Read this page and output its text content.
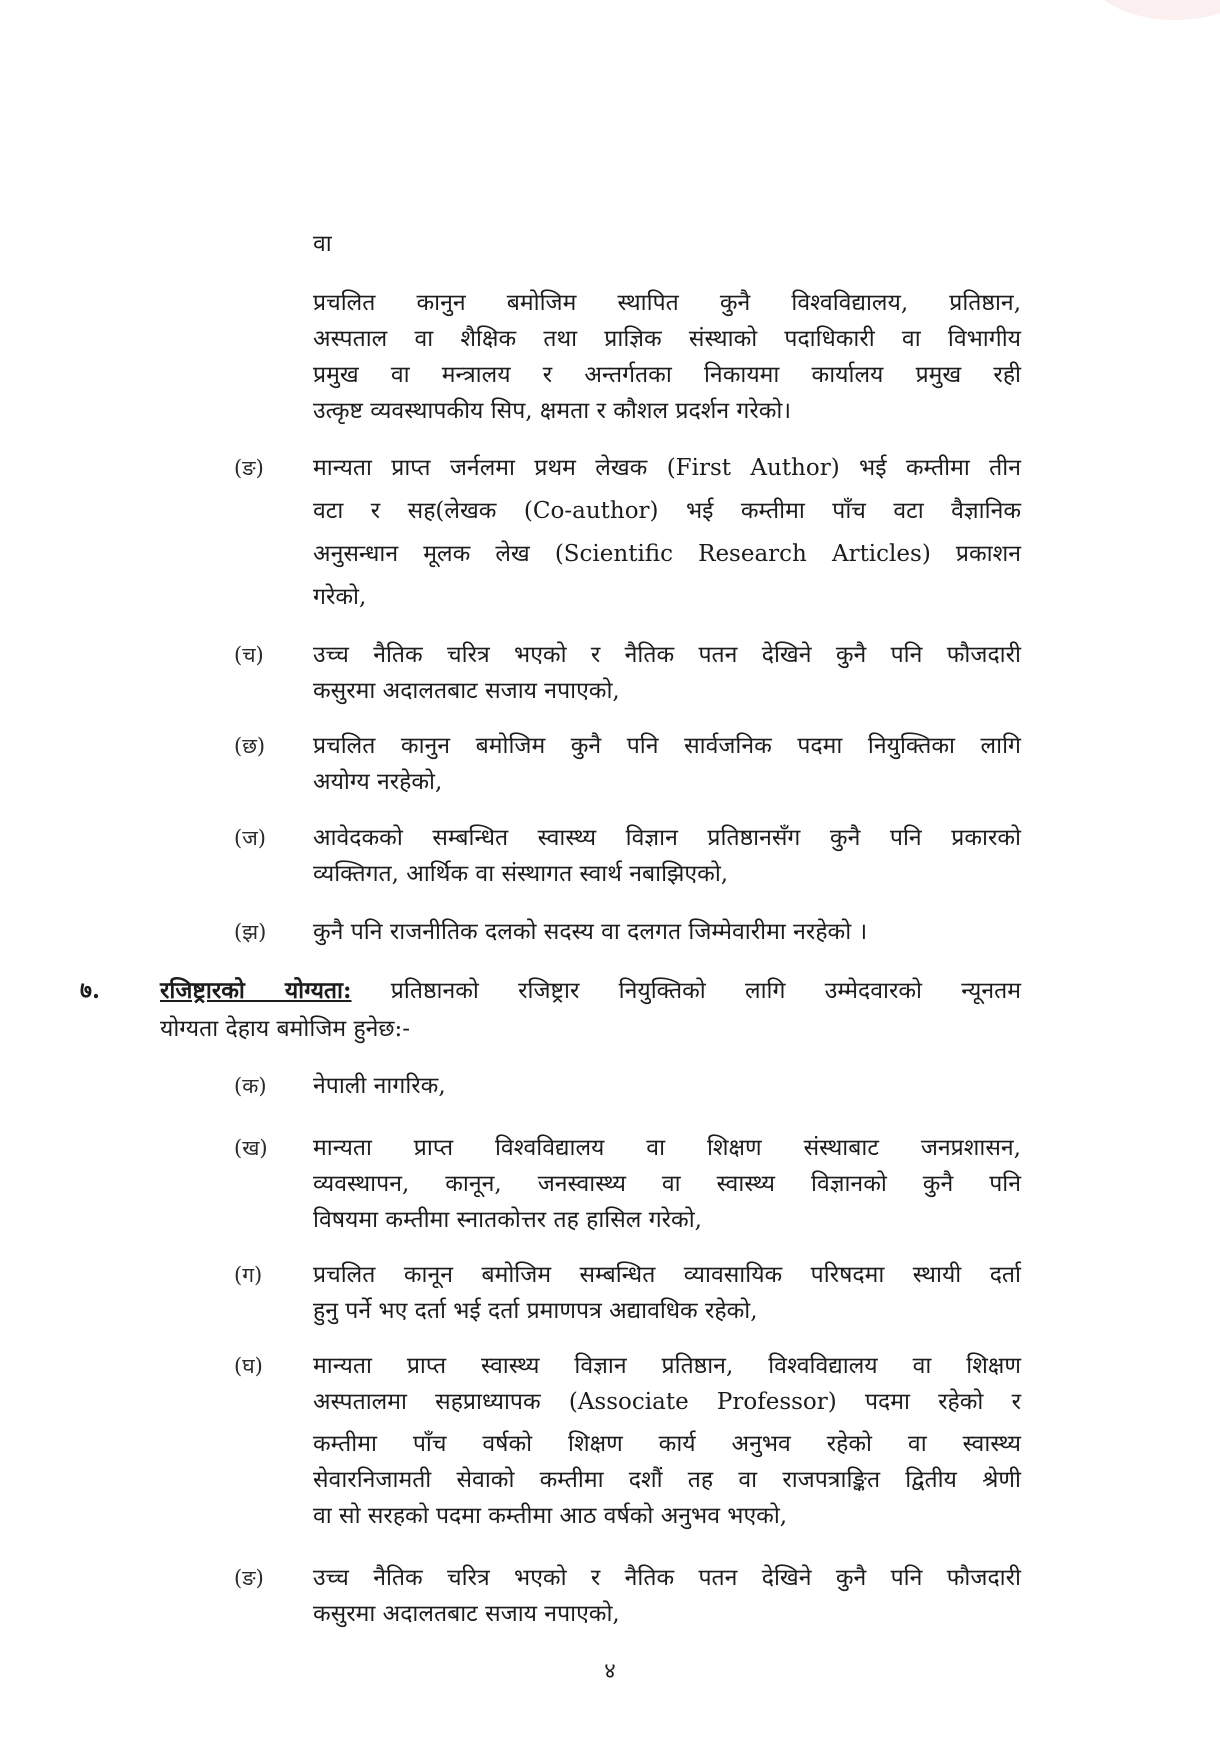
वा
प्रचलित कानुन बमोजिम स्थापित कुनै विश्वविद्यालय, प्रतिष्ठान,
अस्पताल वा शैक्षिक तथा प्राज्ञिक संस्थाको पदाधिकारी वा विभागीय
प्रमुख वा मन्त्रालय र अन्तर्गतका निकायमा कार्यालय प्रमुख रही
उत्कृष्ट व्यवस्थापकीय सिप, क्षमता र कौशल प्रदर्शन गरेको।
(ङ)	मान्यता प्राप्त जर्नलमा प्रथम लेखक (First Author) भई कम्तीमा तीन
वटा र सह(लेखक (Co-author) भई कम्तीमा पाँच वटा वैज्ञानिक
अनुसन्धान मूलक लेख (Scientific Research Articles) प्रकाशन
गरेको,
(च)	उच्च नैतिक चरित्र भएको र नैतिक पतन देखिने कुनै पनि फौजदारी
कसुरमा अदालतबाट सजाय नपाएको,
(छ)	प्रचलित कानुन बमोजिम कुनै पनि सार्वजनिक पदमा नियुक्तिका लागि
अयोग्य नरहेको,
(ज)	आवेदकको सम्बन्धित स्वास्थ्य विज्ञान प्रतिष्ठानसँग कुनै पनि प्रकारको
व्यक्तिगत, आर्थिक वा संस्थागत स्वार्थ नबाझिएको,
(झ)	कुनै पनि राजनीतिक दलको सदस्य वा दलगत जिम्मेवारीमा नरहेको ।
७.	रजिष्ट्रारको योग्यता: प्रतिष्ठानको रजिष्ट्रार नियुक्तिको लागि उम्मेदवारको न्यूनतम
योग्यता देहाय बमोजिम हुनेछ:-
(क)	नेपाली नागरिक,
(ख)	मान्यता प्राप्त विश्वविद्यालय वा शिक्षण संस्थाबाट जनप्रशासन,
व्यवस्थापन, कानून, जनस्वास्थ्य वा स्वास्थ्य विज्ञानको कुनै पनि
विषयमा कम्तीमा स्नातकोत्तर तह हासिल गरेको,
(ग)	प्रचलित कानून बमोजिम सम्बन्धित व्यावसायिक परिषदमा स्थायी दर्ता
हुनु पर्ने भए दर्ता भई दर्ता प्रमाणपत्र अद्यावधिक रहेको,
(घ)	मान्यता प्राप्त स्वास्थ्य विज्ञान प्रतिष्ठान, विश्वविद्यालय वा शिक्षण
अस्पतालमा सहप्राध्यापक (Associate Professor) पदमा रहेको र
कम्तीमा पाँच वर्षको शिक्षण कार्य अनुभव रहेको वा स्वास्थ्य
सेवारनिजामती सेवाको कम्तीमा दशौं तह वा राजपत्राङ्कित द्वितीय श्रेणी
वा सो सरहको पदमा कम्तीमा आठ वर्षको अनुभव भएको,
(ङ)	उच्च नैतिक चरित्र भएको र नैतिक पतन देखिने कुनै पनि फौजदारी
कसुरमा अदालतबाट सजाय नपाएको,
४
